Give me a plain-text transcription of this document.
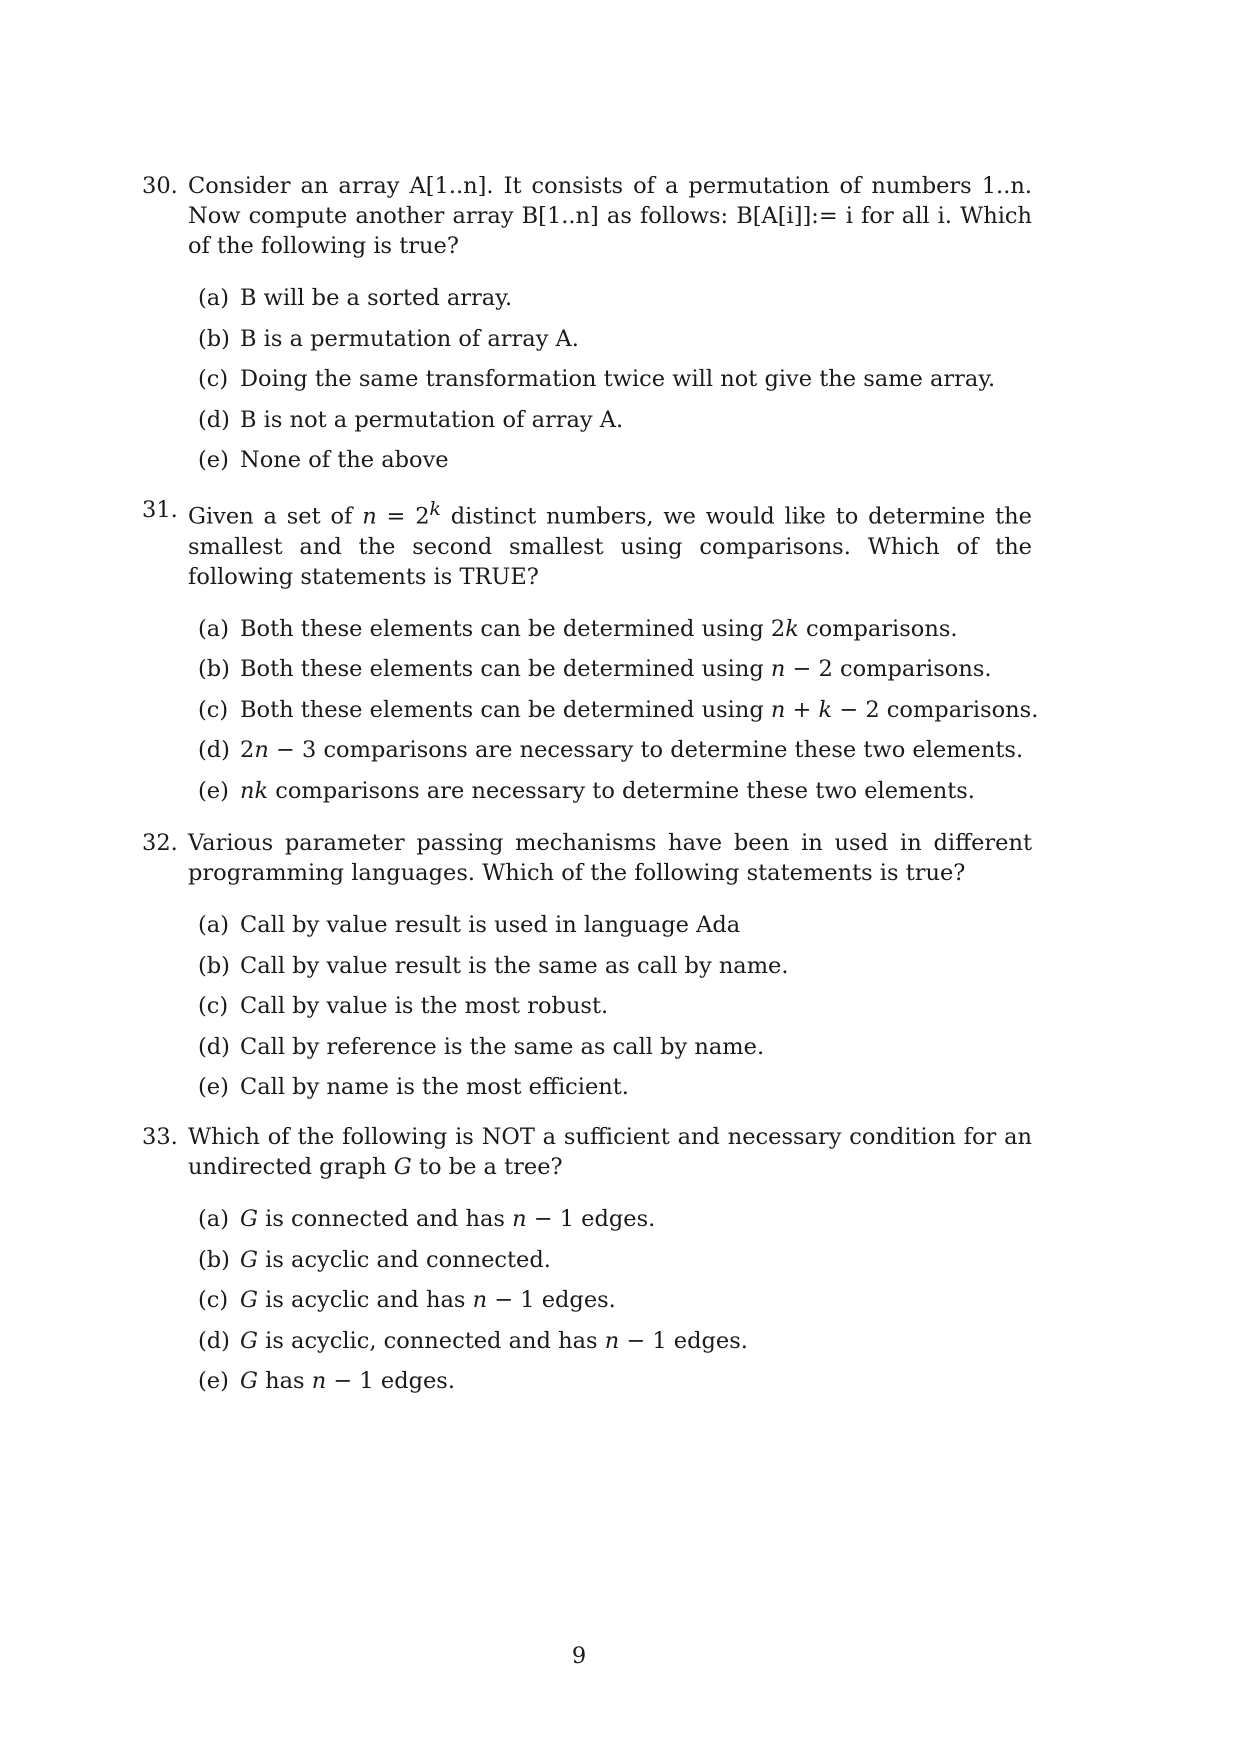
30. Consider an array A[1..n]. It consists of a permutation of numbers 1..n. Now compute another array B[1..n] as follows: B[A[i]]:= i for all i. Which of the following is true?
(a) B will be a sorted array.
(b) B is a permutation of array A.
(c) Doing the same transformation twice will not give the same array.
(d) B is not a permutation of array A.
(e) None of the above
31. Given a set of $n = 2^k$ distinct numbers, we would like to determine the smallest and the second smallest using comparisons. Which of the following statements is TRUE?
(a) Both these elements can be determined using 2k comparisons.
(b) Both these elements can be determined using n − 2 comparisons.
(c) Both these elements can be determined using n + k − 2 comparisons.
(d) 2n − 3 comparisons are necessary to determine these two elements.
(e) nk comparisons are necessary to determine these two elements.
32. Various parameter passing mechanisms have been in used in different programming languages. Which of the following statements is true?
(a) Call by value result is used in language Ada
(b) Call by value result is the same as call by name.
(c) Call by value is the most robust.
(d) Call by reference is the same as call by name.
(e) Call by name is the most efficient.
33. Which of the following is NOT a sufficient and necessary condition for an undirected graph G to be a tree?
(a) G is connected and has n − 1 edges.
(b) G is acyclic and connected.
(c) G is acyclic and has n − 1 edges.
(d) G is acyclic, connected and has n − 1 edges.
(e) G has n − 1 edges.
9
